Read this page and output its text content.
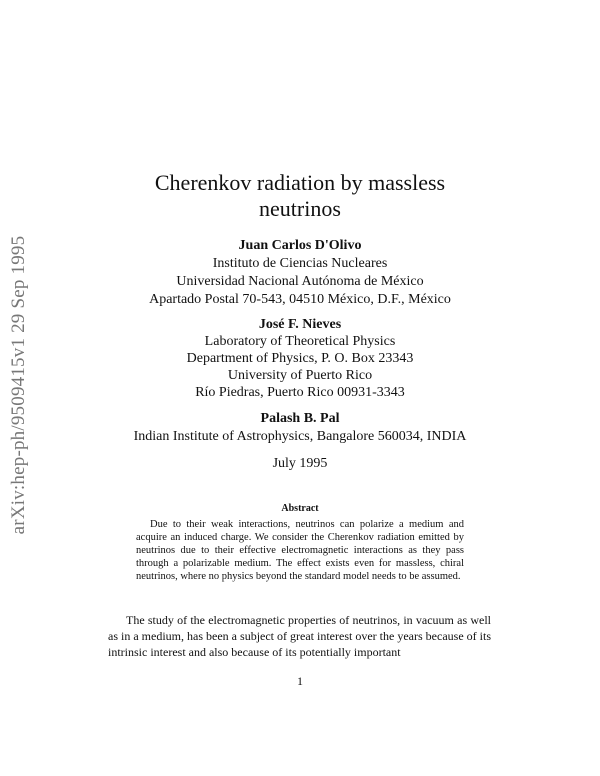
arXiv:hep-ph/9509415v1 29 Sep 1995
Cherenkov radiation by massless
neutrinos
Juan Carlos D'Olivo
Instituto de Ciencias Nucleares
Universidad Nacional Autónoma de México
Apartado Postal 70-543, 04510 México, D.F., México
José F. Nieves
Laboratory of Theoretical Physics
Department of Physics, P. O. Box 23343
University of Puerto Rico
Río Piedras, Puerto Rico 00931-3343
Palash B. Pal
Indian Institute of Astrophysics, Bangalore 560034, INDIA
July 1995
Abstract

Due to their weak interactions, neutrinos can polarize a medium and acquire an induced charge. We consider the Cherenkov radiation emitted by neutrinos due to their effective electromagnetic interactions as they pass through a polarizable medium. The effect exists even for massless, chiral neutrinos, where no physics beyond the standard model needs to be assumed.

The study of the electromagnetic properties of neutrinos, in vacuum as well as in a medium, has been a subject of great interest over the years because of its intrinsic interest and also because of its potentially important

1
